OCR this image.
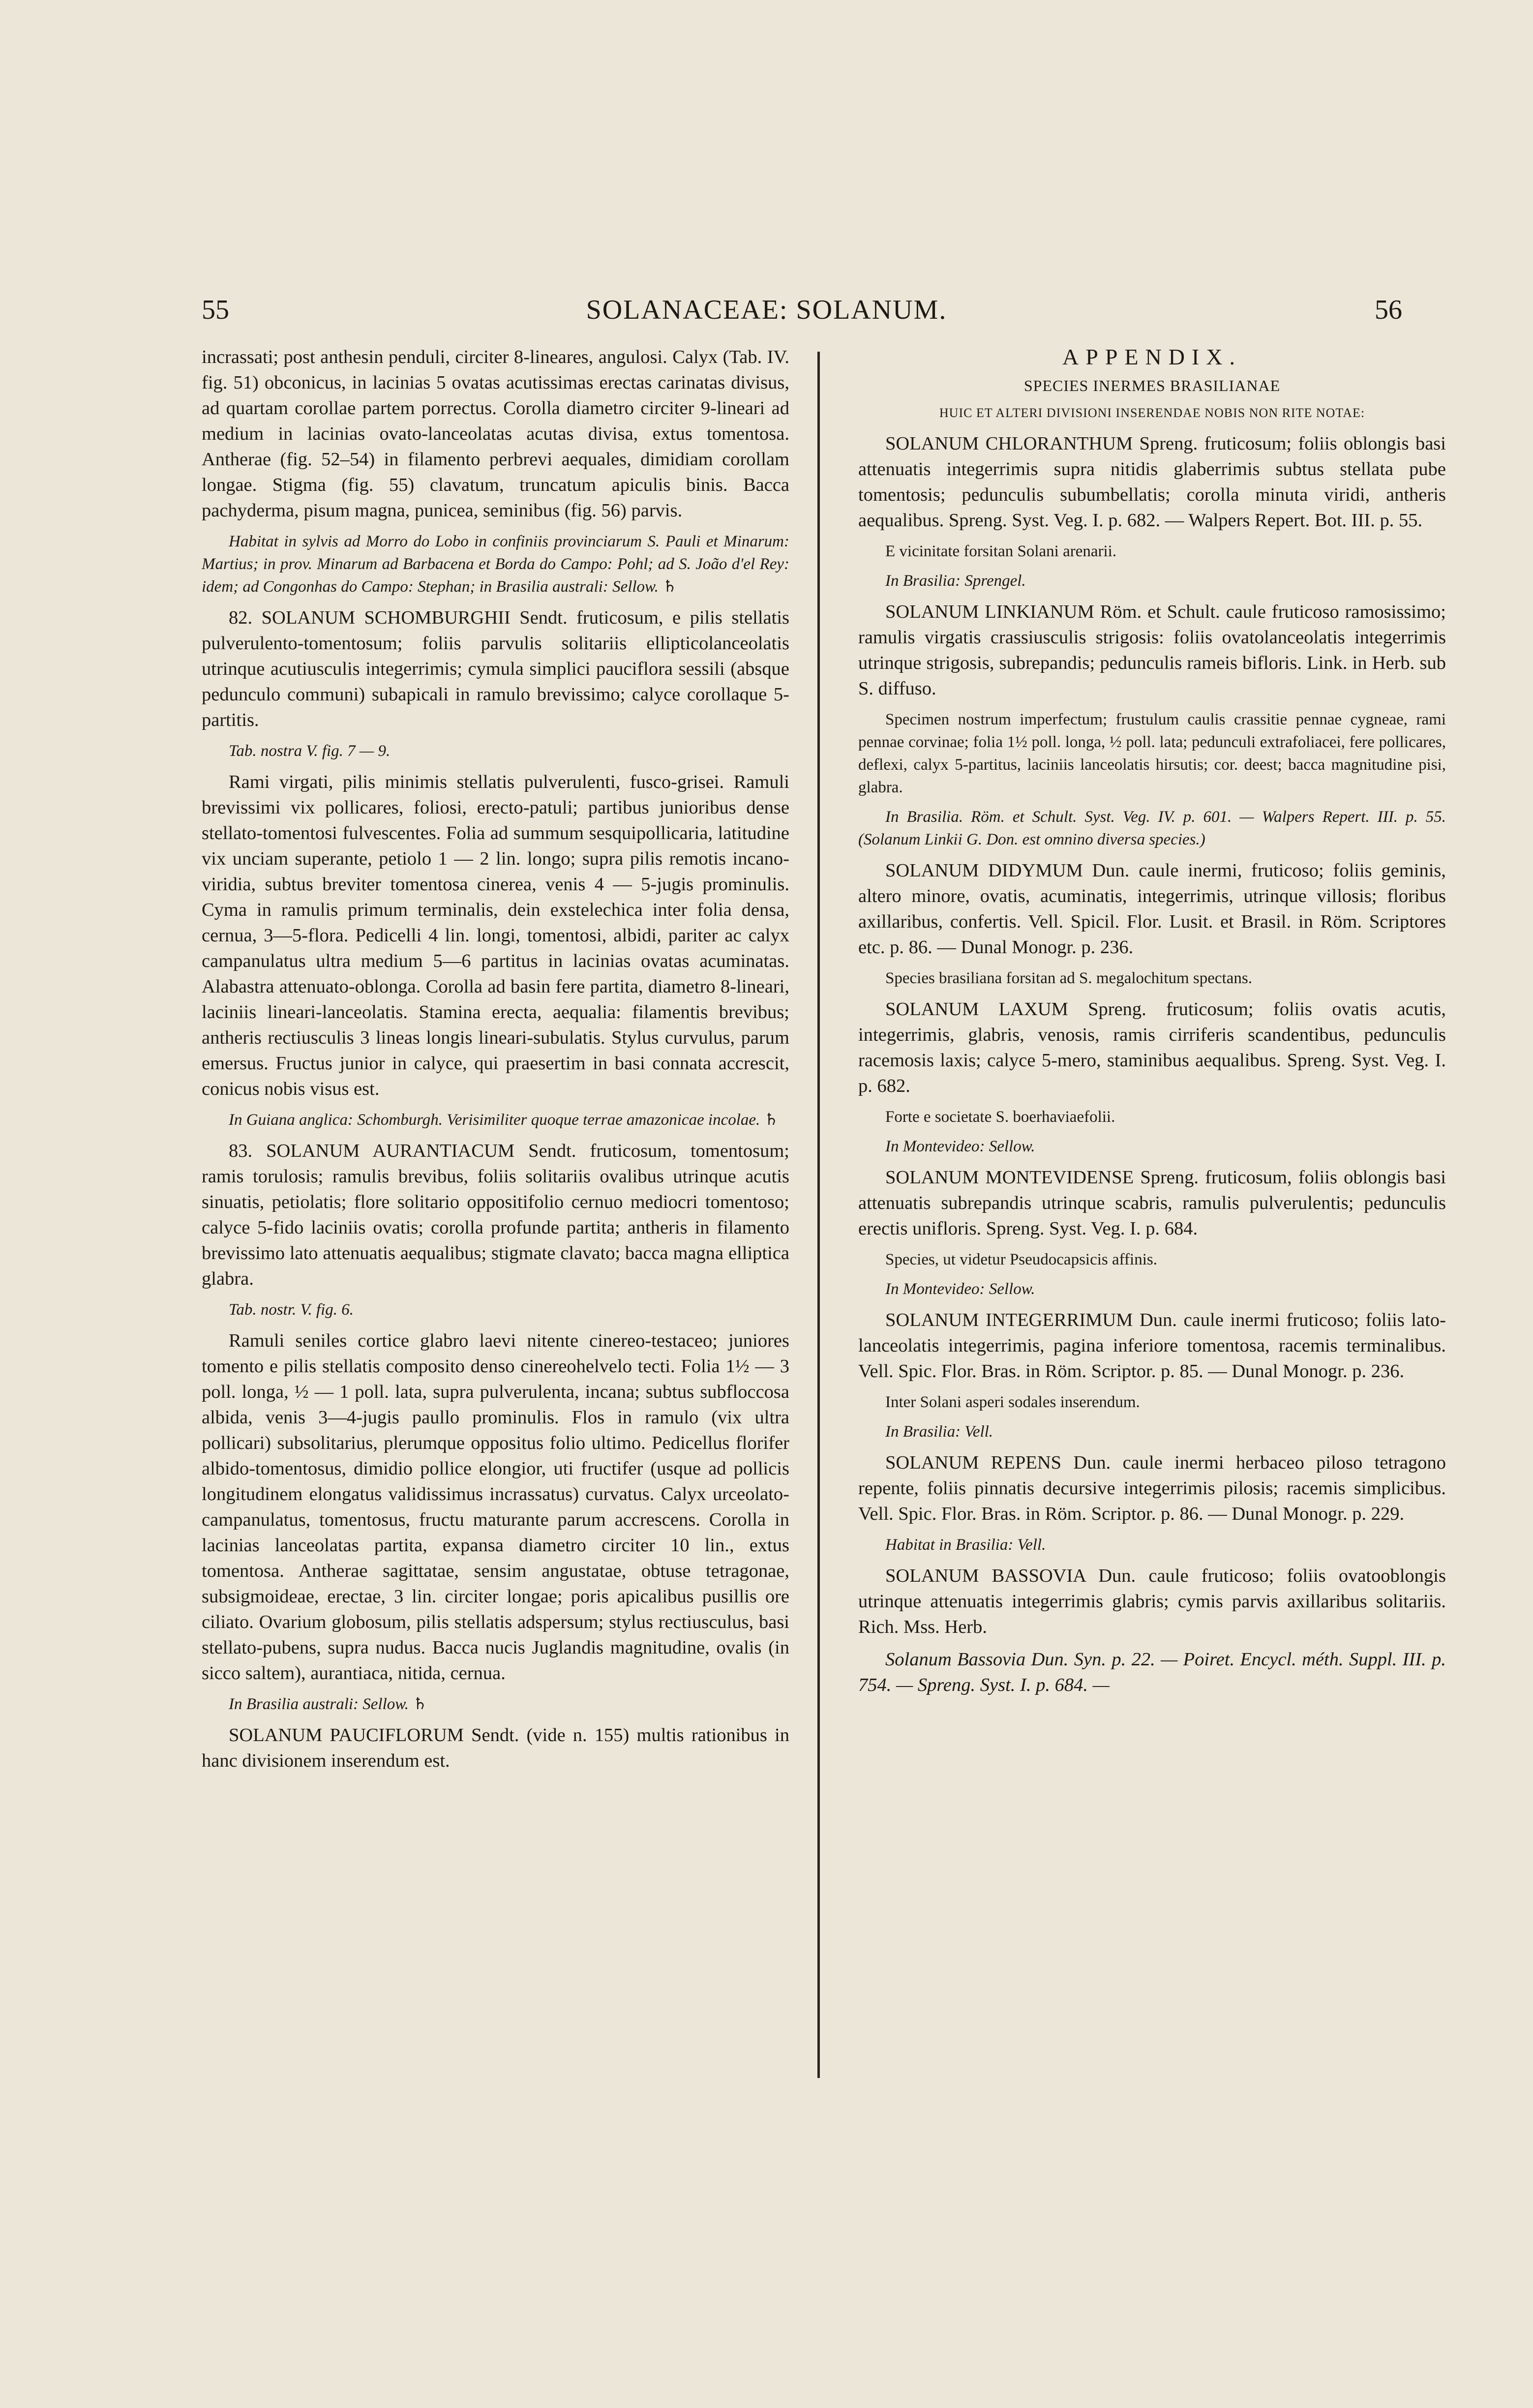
55	SOLANACEAE: SOLANUM.	56

incrassati; post anthesin penduli, circiter 8-lineares, angulosi. Calyx (Tab. IV. fig. 51) obconicus, in lacinias 5 ovatas acutissimas erectas carinatas divisus, ad quartam corollae partem porrectus. Corolla diametro circiter 9-lineari ad medium in lacinias ovato-lanceolatas acutas divisa, extus tomentosa. Antherae (fig. 52–54) in filamento perbrevi aequales, dimidiam corollam longae. Stigma (fig. 55) clavatum, truncatum apiculis binis. Bacca pachyderma, pisum magna, punicea, seminibus (fig. 56) parvis.

Habitat in sylvis ad Morro do Lobo in confiniis provinciarum S. Pauli et Minarum: Martius; in prov. Minarum ad Barbacena et Borda do Campo: Pohl; ad S. João d'el Rey: idem; ad Congonhas do Campo: Stephan; in Brasilia australi: Sellow. ♄

82. SOLANUM SCHOMBURGHII Sendt. fruticosum, e pilis stellatis pulverulento-tomentosum; foliis parvulis solitariis ellipticolanceolatis utrinque acutiusculis integerrimis; cymula simplici pauciflora sessili (absque pedunculo communi) subapicali in ramulo brevissimo; calyce corollaque 5-partitis.

Tab. nostra V. fig. 7 — 9.

Rami virgati, pilis minimis stellatis pulverulenti, fusco-grisei. Ramuli brevissimi vix pollicares, foliosi, erecto-patuli; partibus junioribus dense stellato-tomentosi fulvescentes. Folia ad summum sesquipollicaria, latitudine vix unciam superante, petiolo 1 — 2 lin. longo; supra pilis remotis incano-viridia, subtus breviter tomentosa cinerea, venis 4 — 5-jugis prominulis. Cyma in ramulis primum terminalis, dein exstelechica inter folia densa, cernua, 3—5-flora. Pedicelli 4 lin. longi, tomentosi, albidi, pariter ac calyx campanulatus ultra medium 5—6 partitus in lacinias ovatas acuminatas. Alabastra attenuato-oblonga. Corolla ad basin fere partita, diametro 8-lineari, laciniis lineari-lanceolatis. Stamina erecta, aequalia: filamentis brevibus; antheris rectiusculis 3 lineas longis lineari-subulatis. Stylus curvulus, parum emersus. Fructus junior in calyce, qui praesertim in basi connata accrescit, conicus nobis visus est.

In Guiana anglica: Schomburgh. Verisimiliter quoque terrae amazonicae incolae. ♄

83. SOLANUM AURANTIACUM Sendt. fruticosum, tomentosum; ramis torulosis; ramulis brevibus, foliis solitariis ovalibus utrinque acutis sinuatis, petiolatis; flore solitario oppositifolio cernuo mediocri tomentoso; calyce 5-fido laciniis ovatis; corolla profunde partita; antheris in filamento brevissimo lato attenuatis aequalibus; stigmate clavato; bacca magna elliptica glabra.

Tab. nostr. V. fig. 6.

Ramuli seniles cortice glabro laevi nitente cinereo-testaceo; juniores tomento e pilis stellatis composito denso cinereohelvelo tecti. Folia 1½ — 3 poll. longa, ½ — 1 poll. lata, supra pulverulenta, incana; subtus subfloccosa albida, venis 3—4-jugis paullo prominulis. Flos in ramulo (vix ultra pollicari) subsolitarius, plerumque oppositus folio ultimo. Pedicellus florifer albido-tomentosus, dimidio pollice elongior, uti fructifer (usque ad pollicis longitudinem elongatus validissimus incrassatus) curvatus. Calyx urceolato-campanulatus, tomentosus, fructu maturante parum accrescens. Corolla in lacinias lanceolatas partita, expansa diametro circiter 10 lin., extus tomentosa. Antherae sagittatae, sensim angustatae, obtuse tetragonae, subsigmoideae, erectae, 3 lin. circiter longae; poris apicalibus pusillis ore ciliato. Ovarium globosum, pilis stellatis adspersum; stylus rectiusculus, basi stellato-pubens, supra nudus. Bacca nucis Juglandis magnitudine, ovalis (in sicco saltem), aurantiaca, nitida, cernua.

In Brasilia australi: Sellow. ♄

SOLANUM PAUCIFLORUM Sendt. (vide n. 155) multis rationibus in hanc divisionem inserendum est.

APPENDIX.

SPECIES INERMES BRASILIANAE

HUIC ET ALTERI DIVISIONI INSERENDAE NOBIS NON RITE NOTAE:

SOLANUM CHLORANTHUM Spreng. fruticosum; foliis oblongis basi attenuatis integerrimis supra nitidis glaberrimis subtus stellata pube tomentosis; pedunculis subumbellatis; corolla minuta viridi, antheris aequalibus. Spreng. Syst. Veg. I. p. 682. — Walpers Repert. Bot. III. p. 55.

E vicinitate forsitan Solani arenarii.

In Brasilia: Sprengel.

SOLANUM LINKIANUM Röm. et Schult. caule fruticoso ramosissimo; ramulis virgatis crassiusculis strigosis: foliis ovatolanceolatis integerrimis utrinque strigosis, subrepandis; pedunculis rameis bifloris. Link. in Herb. sub S. diffuso.

Specimen nostrum imperfectum; frustulum caulis crassitie pennae cygneae, rami pennae corvinae; folia 1½ poll. longa, ½ poll. lata; pedunculi extrafoliacei, fere pollicares, deflexi, calyx 5-partitus, laciniis lanceolatis hirsutis; cor. deest; bacca magnitudine pisi, glabra.

In Brasilia. Röm. et Schult. Syst. Veg. IV. p. 601. — Walpers Repert. III. p. 55. (Solanum Linkii G. Don. est omnino diversa species.)

SOLANUM DIDYMUM Dun. caule inermi, fruticoso; foliis geminis, altero minore, ovatis, acuminatis, integerrimis, utrinque villosis; floribus axillaribus, confertis. Vell. Spicil. Flor. Lusit. et Brasil. in Röm. Scriptores etc. p. 86. — Dunal Monogr. p. 236.

Species brasiliana forsitan ad S. megalochitum spectans.

SOLANUM LAXUM Spreng. fruticosum; foliis ovatis acutis, integerrimis, glabris, venosis, ramis cirriferis scandentibus, pedunculis racemosis laxis; calyce 5-mero, staminibus aequalibus. Spreng. Syst. Veg. I. p. 682.

Forte e societate S. boerhaviaefolii.

In Montevideo: Sellow.

SOLANUM MONTEVIDENSE Spreng. fruticosum, foliis oblongis basi attenuatis subrepandis utrinque scabris, ramulis pulverulentis; pedunculis erectis unifloris. Spreng. Syst. Veg. I. p. 684.

Species, ut videtur Pseudocapsicis affinis.

In Montevideo: Sellow.

SOLANUM INTEGERRIMUM Dun. caule inermi fruticoso; foliis lato-lanceolatis integerrimis, pagina inferiore tomentosa, racemis terminalibus. Vell. Spic. Flor. Bras. in Röm. Scriptor. p. 85. — Dunal Monogr. p. 236.

Inter Solani asperi sodales inserendum.

In Brasilia: Vell.

SOLANUM REPENS Dun. caule inermi herbaceo piloso tetragono repente, foliis pinnatis decursive integerrimis pilosis; racemis simplicibus. Vell. Spic. Flor. Bras. in Röm. Scriptor. p. 86. — Dunal Monogr. p. 229.

Habitat in Brasilia: Vell.

SOLANUM BASSOVIA Dun. caule fruticoso; foliis ovatooblongis utrinque attenuatis integerrimis glabris; cymis parvis axillaribus solitariis. Rich. Mss. Herb.

Solanum Bassovia Dun. Syn. p. 22. — Poiret. Encycl. méth. Suppl. III. p. 754. — Spreng. Syst. I. p. 684. —
